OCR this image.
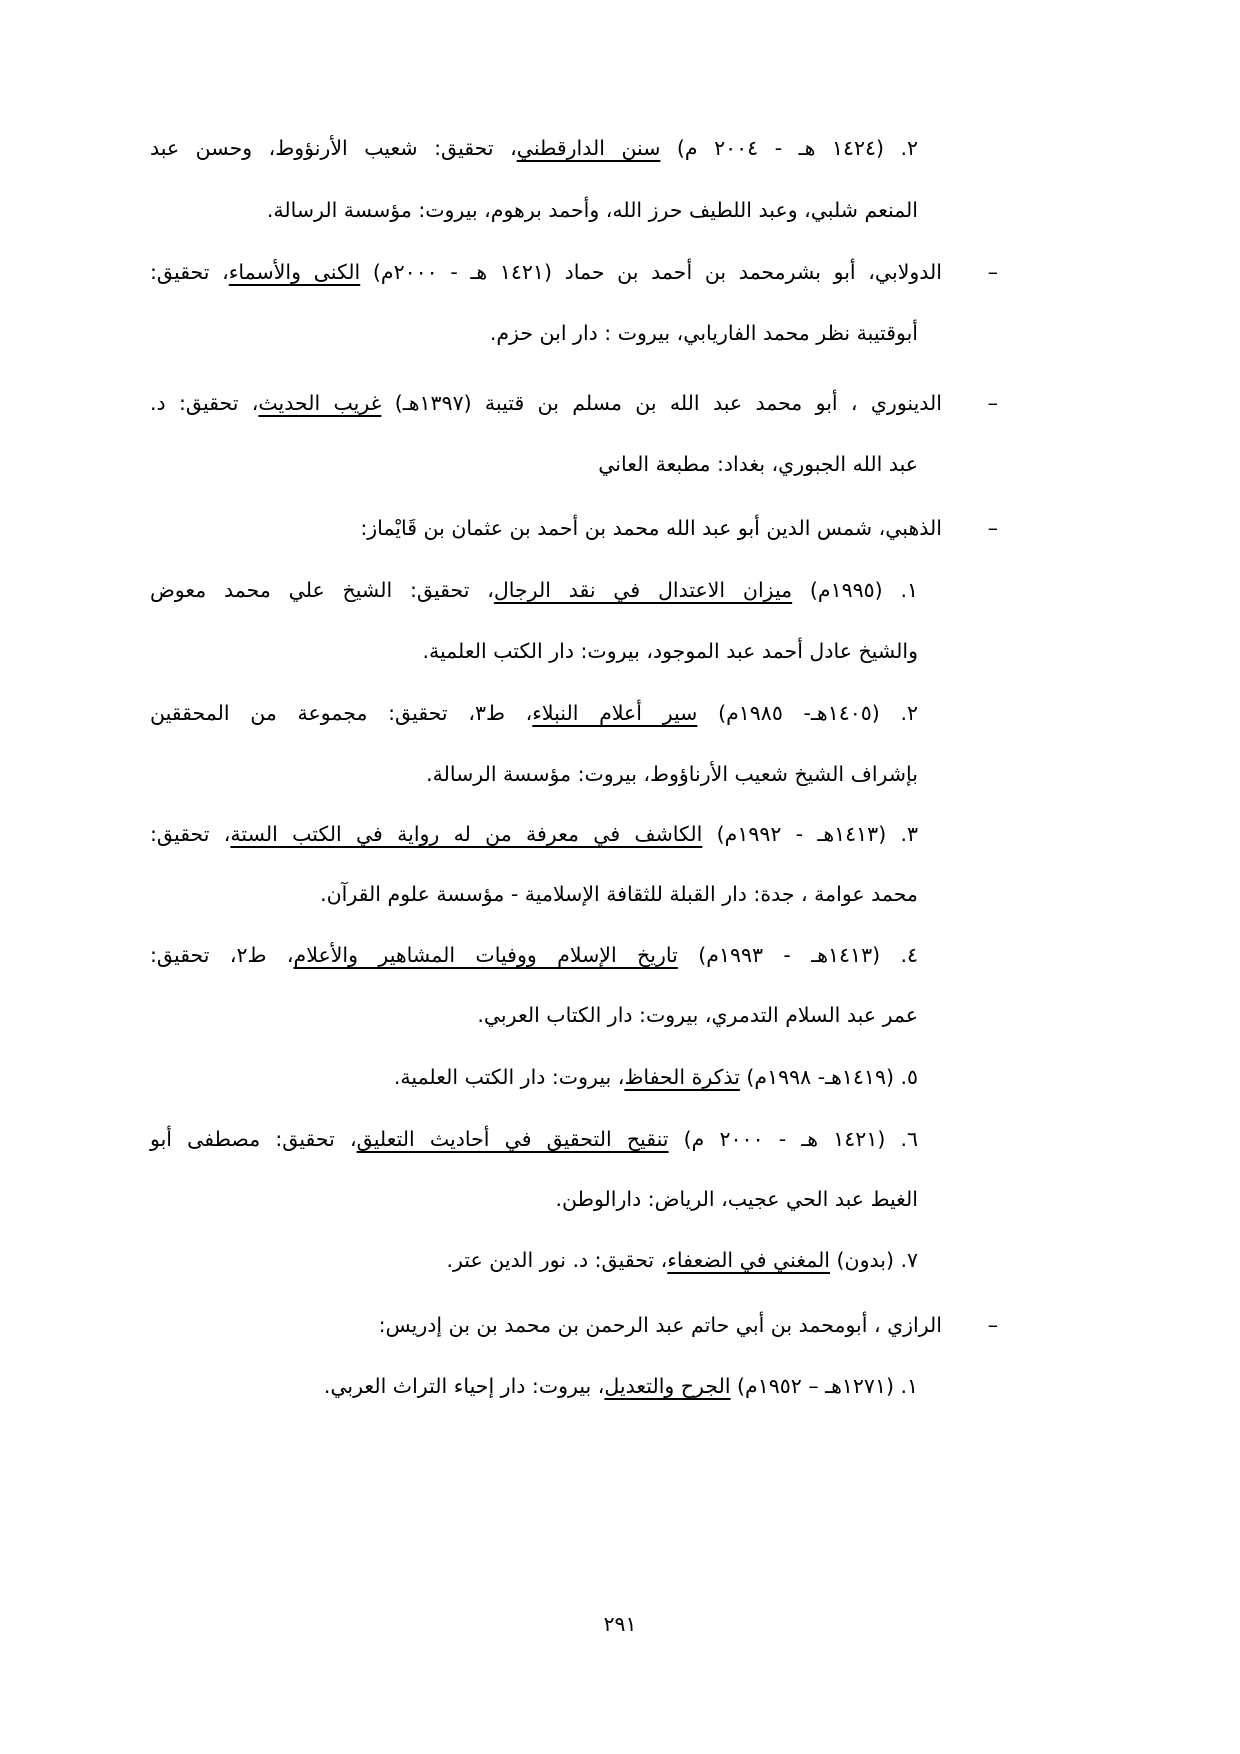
٢. (١٤٢٤ هـ - ٢٠٠٤ م) سنن الدارقطني، تحقيق: شعيب الأرنؤوط، وحسن عبد
المنعم شلبي، وعبد اللطيف حرز الله، وأحمد برهوم، بيروت: مؤسسة الرسالة.
–
الدولابي، أبو بشرمحمد بن أحمد بن حماد (١٤٢١ هـ - ٢٠٠٠م) الكنى والأسماء، تحقيق:
أبوقتيبة نظر محمد الفاريابي، بيروت : دار ابن حزم.
–
الدينوري ، أبو محمد عبد الله بن مسلم بن قتيبة (١٣٩٧هـ) غريب الحديث، تحقيق: د.
عبد الله الجبوري، بغداد: مطبعة العاني
–
الذهبي، شمس الدين أبو عبد الله محمد بن أحمد بن عثمان بن قَايْماز:
١. (١٩٩٥م) ميزان الاعتدال في نقد الرجال، تحقيق: الشيخ علي محمد معوض
والشيخ عادل أحمد عبد الموجود، بيروت: دار الكتب العلمية.
٢. (١٤٠٥هـ- ١٩٨٥م) سير أعلام النبلاء، ط٣، تحقيق: مجموعة من المحققين
بإشراف الشيخ شعيب الأرناؤوط، بيروت: مؤسسة الرسالة.
٣. (١٤١٣هـ - ١٩٩٢م) الكاشف في معرفة من له رواية في الكتب الستة، تحقيق:
محمد عوامة ، جدة: دار القبلة للثقافة الإسلامية - مؤسسة علوم القرآن.
٤. (١٤١٣هـ - ١٩٩٣م) تاريخ الإسلام ووفيات المشاهير والأعلام، ط٢، تحقيق:
عمر عبد السلام التدمري، بيروت: دار الكتاب العربي.
٥. (١٤١٩هـ- ١٩٩٨م) تذكرة الحفاظ، بيروت: دار الكتب العلمية.
٦. (١٤٢١ هـ - ٢٠٠٠ م) تنقيح التحقيق في أحاديث التعليق، تحقيق: مصطفى أبو
الغيط عبد الحي عجيب، الرياض: دارالوطن.
٧. (بدون) المغني في الضعفاء، تحقيق: د. نور الدين عتر.
–
الرازي ، أبومحمد بن أبي حاتم عبد الرحمن بن محمد بن بن إدريس:
١. (١٢٧١هـ – ١٩٥٢م) الجرح والتعديل، بيروت: دار إحياء التراث العربي.
٢٩١
